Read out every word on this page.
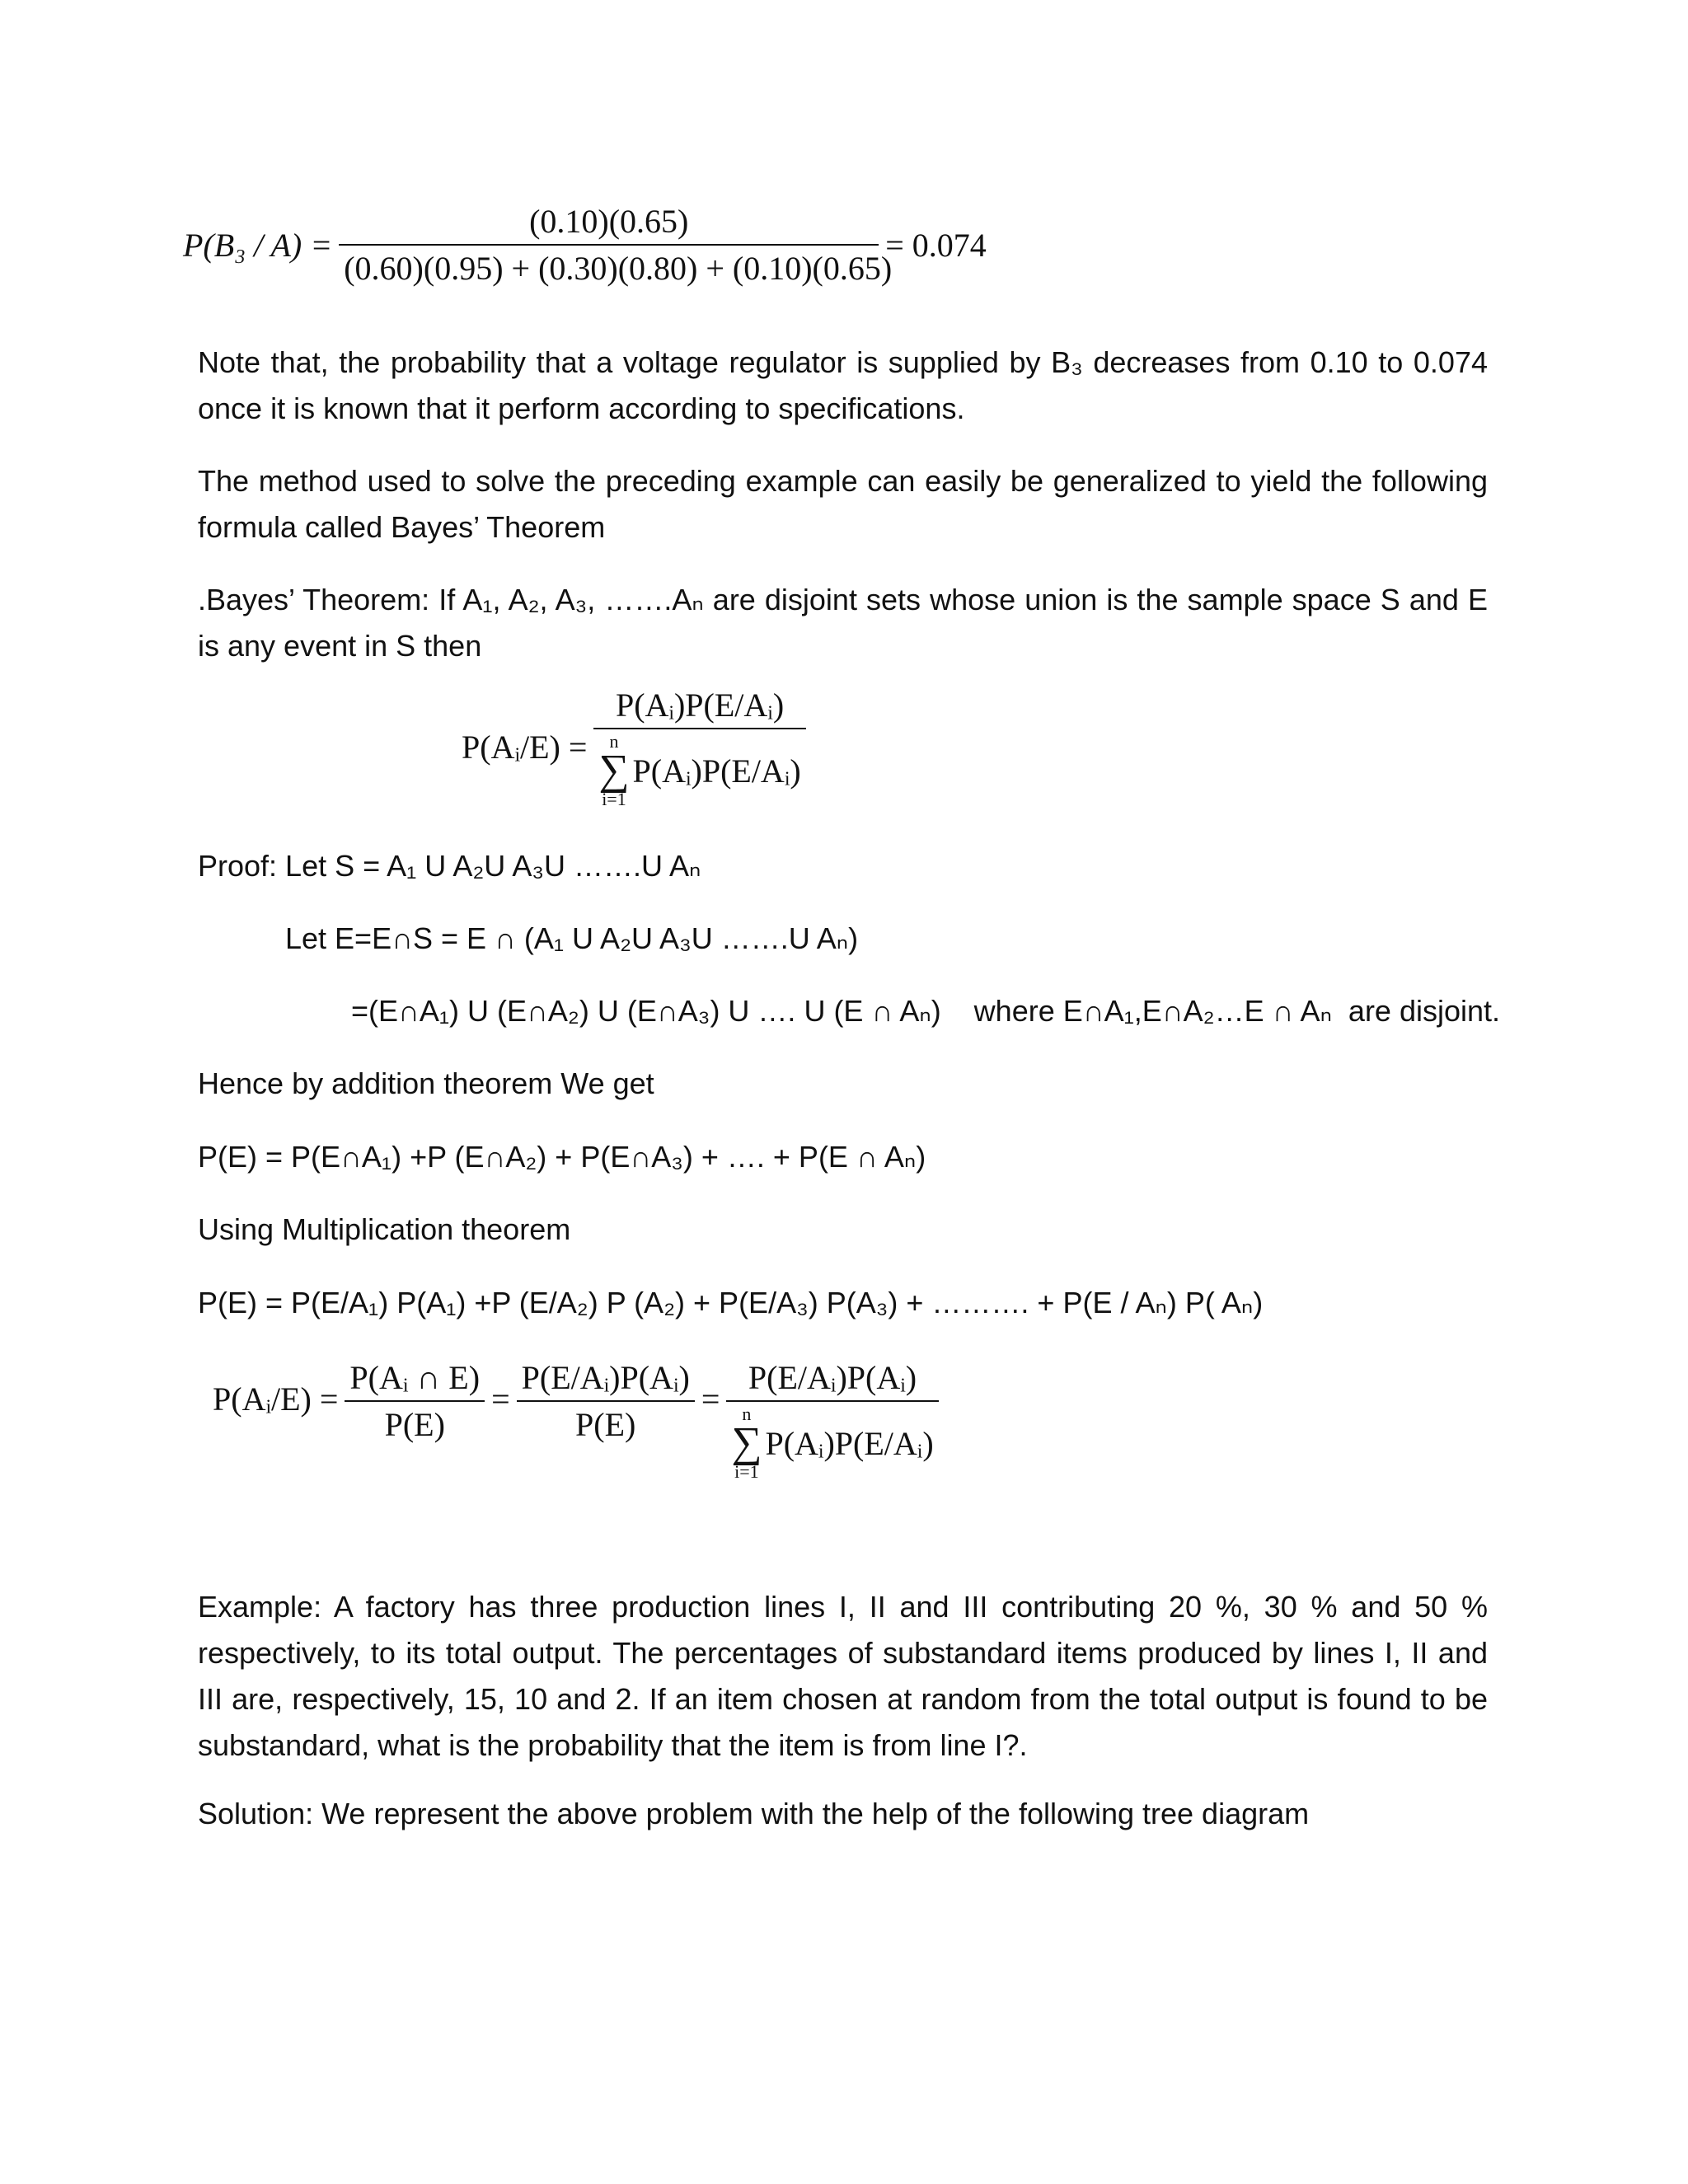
$P(B_3 / A) = \frac{(0.10)(0.65)}{(0.60)(0.95) + (0.30)(0.80) + (0.10)(0.65)} = 0.074$
Note that, the probability that a voltage regulator is supplied by B₃ decreases from 0.10 to 0.074 once it is known that it perform according to specifications.
The method used to solve the preceding example can easily be generalized to yield the following formula called Bayes’ Theorem
.Bayes’ Theorem: If A₁, A₂, A₃, …….Aₙ are disjoint sets whose union is the sample space S and E is any event in S then
P(Aᵢ/E) = P(Aᵢ)P(E/Aᵢ)
n
∑
i=1
P(Aᵢ)P(E/Aᵢ)
Proof: Let S = A₁ U A₂U A₃U …….U Aₙ
Let E=E∩S = E ∩ (A₁ U A₂U A₃U …….U Aₙ)
=(E∩A₁) U (E∩A₂) U (E∩A₃) U …. U (E ∩ Aₙ)    where E∩A₁,E∩A₂…E ∩ Aₙ  are disjoint.
Hence by addition theorem We get
P(E) = P(E∩A₁) +P (E∩A₂) + P(E∩A₃) + …. + P(E ∩ Aₙ)
Using Multiplication theorem
P(E) = P(E/A₁) P(A₁) +P (E/A₂) P (A₂) + P(E/A₃) P(A₃) + ………. + P(E / Aₙ) P( Aₙ)
P(Aᵢ/E) = $\frac{\text{P(Aᵢ ∩ E)}}{P(E)} = \frac{\text{P(E/Aᵢ)P(Aᵢ)}}{P(E)}$ = P(E/Aᵢ)P(Aᵢ)
n
∑
i=1
P(Aᵢ)P(E/Aᵢ)
Example: A factory has three production lines I, II and III contributing 20 %, 30 % and 50 % respectively, to its total output. The percentages of substandard items produced by lines I, II and III are, respectively, 15, 10 and 2. If an item chosen at random from the total output is found to be substandard, what is the probability that the item is from line I?.
Solution: We represent the above problem with the help of the following tree diagram
